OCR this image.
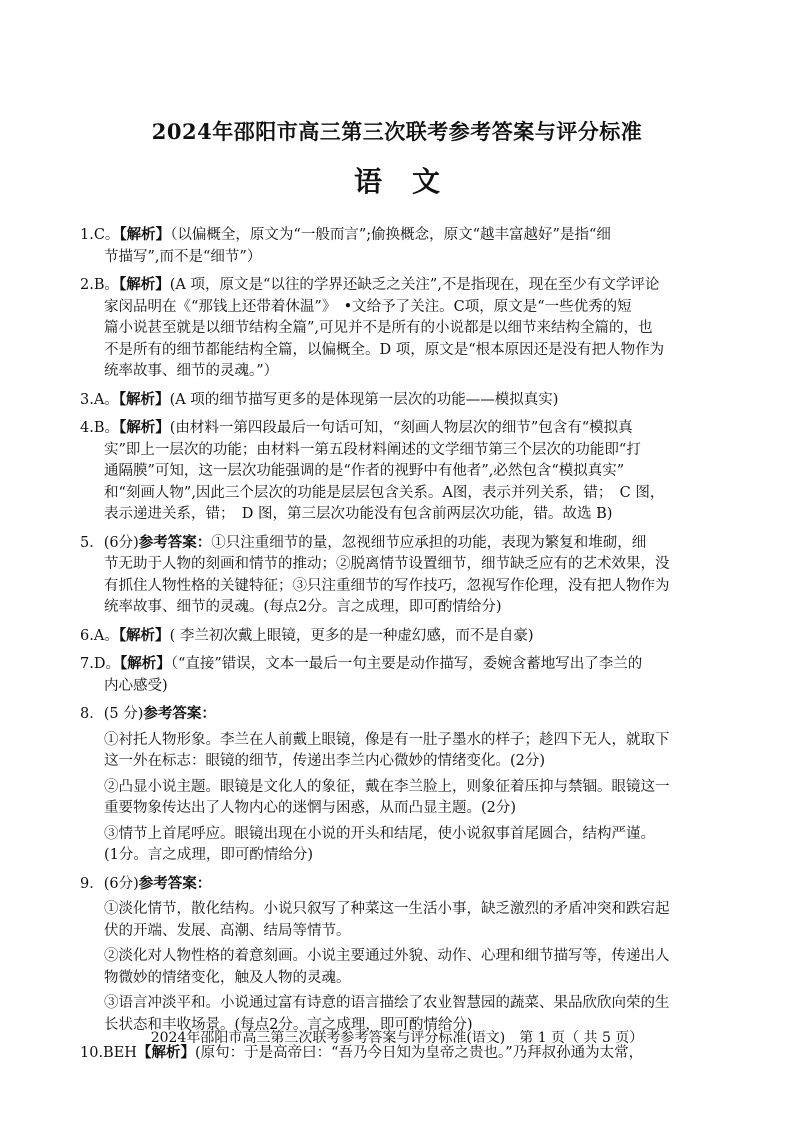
2024年邵阳市高三第三次联考参考答案与评分标准
语文
1.C。【解析】（以偏概全，原文为“一般而言”;偷换概念，原文“越丰富越好”是指“细
节描写”,而不是“细节”）
2.B。【解析】(A 项，原文是“以往的学界还缺乏之关注”,不是指现在，现在至少有文学评论
家闵品明在《“那钱上还带着休温”》　•文给予了关注。C项，原文是“一些优秀的短
篇小说甚至就是以细节结构全篇”,可见并不是所有的小说都是以细节来结构全篇的，也
不是所有的细节都能结构全篇，以偏概全。D 项，原文是“根本原因还是没有把人物作为
统率故事、细节的灵魂。”）
3.A。【解析】(A 项的细节描写更多的是体现第一层次的功能——模拟真实)
4.B。【解析】(由材料一第四段最后一句话可知，“刻画人物层次的细节”包含有“模拟真
实”即上一层次的功能；由材料一第五段材料阐述的文学细节第三个层次的功能即“打
通隔膜”可知，这一层次功能强调的是“作者的视野中有他者”,必然包含“模拟真实”
和“刻画人物”,因此三个层次的功能是层层包含关系。A图，表示并列关系，错；　C 图，
表示递进关系，错；　D 图，第三层次功能没有包含前两层次功能，错。故选 B)
5．(6分)参考答案：①只注重细节的量，忽视细节应承担的功能，表现为繁复和堆砌，细
节无助于人物的刻画和情节的推动；②脱离情节设置细节，细节缺乏应有的艺术效果，没
有抓住人物性格的关键特征；③只注重细节的写作技巧，忽视写作伦理，没有把人物作为
统率故事、细节的灵魂。(每点2分。言之成理，即可酌情给分)
6.A。【解析】( 李兰初次戴上眼镜，更多的是一种虚幻感，而不是自豪)
7.D。【解析】（“直接”错误，文本一最后一句主要是动作描写，委婉含蓄地写出了李兰的
内心感受)
8．(5 分)参考答案：
①衬托人物形象。李兰在人前戴上眼镜，像是有一肚子墨水的样子；趁四下无人，就取下
这一外在标志：眼镜的细节，传递出李兰内心微妙的情绪变化。(2分)
②凸显小说主题。眼镜是文化人的象征，戴在李兰脸上，则象征着压抑与禁锢。眼镜这一
重要物象传达出了人物内心的迷惘与困惑，从而凸显主题。(2分)
③情节上首尾呼应。眼镜出现在小说的开头和结尾，使小说叙事首尾圆合，结构严谨。
(1分。言之成理，即可酌情给分)
9．(6分)参考答案：
①淡化情节，散化结构。小说只叙写了种菜这一生活小事，缺乏激烈的矛盾冲突和跌宕起
伏的开端、发展、高潮、结局等情节。
②淡化对人物性格的着意刻画。小说主要通过外貌、动作、心理和细节描写等，传递出人
物微妙的情绪变化，触及人物的灵魂。
③语言冲淡平和。小说通过富有诗意的语言描绘了农业智慧园的蔬菜、果品欣欣向荣的生
长状态和丰收场景。(每点2分。言之成理，即可酌情给分)
10.BEH【解析】(原句：于是高帝曰：“吾乃今日知为皇帝之贵也。”乃拜叔孙通为太常，
2024年邵阳市高三第三次联考参考答案与评分标准(语文)　第 1 页（ 共 5 页）
